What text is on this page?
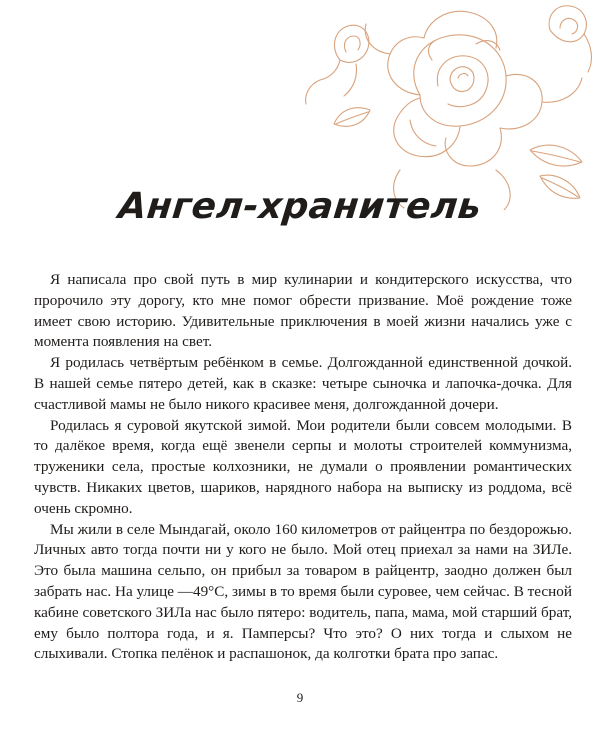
Ангел-хранитель

Я написала про свой путь в мир кулинарии и кондитерского искусства, что пророчило эту дорогу, кто мне помог обрести призвание. Моё рождение тоже имеет свою историю. Удивительные приключения в моей жизни начались уже с момента появления на свет.

Я родилась четвёртым ребёнком в семье. Долгожданной единственной дочкой. В нашей семье пятеро детей, как в сказке: четыре сыночка и лапочка-дочка. Для счастливой мамы не было никого красивее меня, долгожданной дочери.

Родилась я суровой якутской зимой. Мои родители были совсем молодыми. В то далёкое время, когда ещё звенели серпы и молоты строителей коммунизма, труженики села, простые колхозники, не думали о проявлении романтических чувств. Никаких цветов, шариков, нарядного набора на выписку из роддома, всё очень скромно.

Мы жили в селе Мындагай, около 160 километров от райцентра по бездорожью. Личных авто тогда почти ни у кого не было. Мой отец приехал за нами на ЗИЛе. Это была машина сельпо, он прибыл за товаром в райцентр, заодно должен был забрать нас. На улице —49°С, зимы в то время были суровее, чем сейчас. В тесной кабине советского ЗИЛа нас было пятеро: водитель, папа, мама, мой старший брат, ему было полтора года, и я. Памперсы? Что это? О них тогда и слыхом не слыхивали. Стопка пелёнок и распашонок, да колготки брата про запас.

9
